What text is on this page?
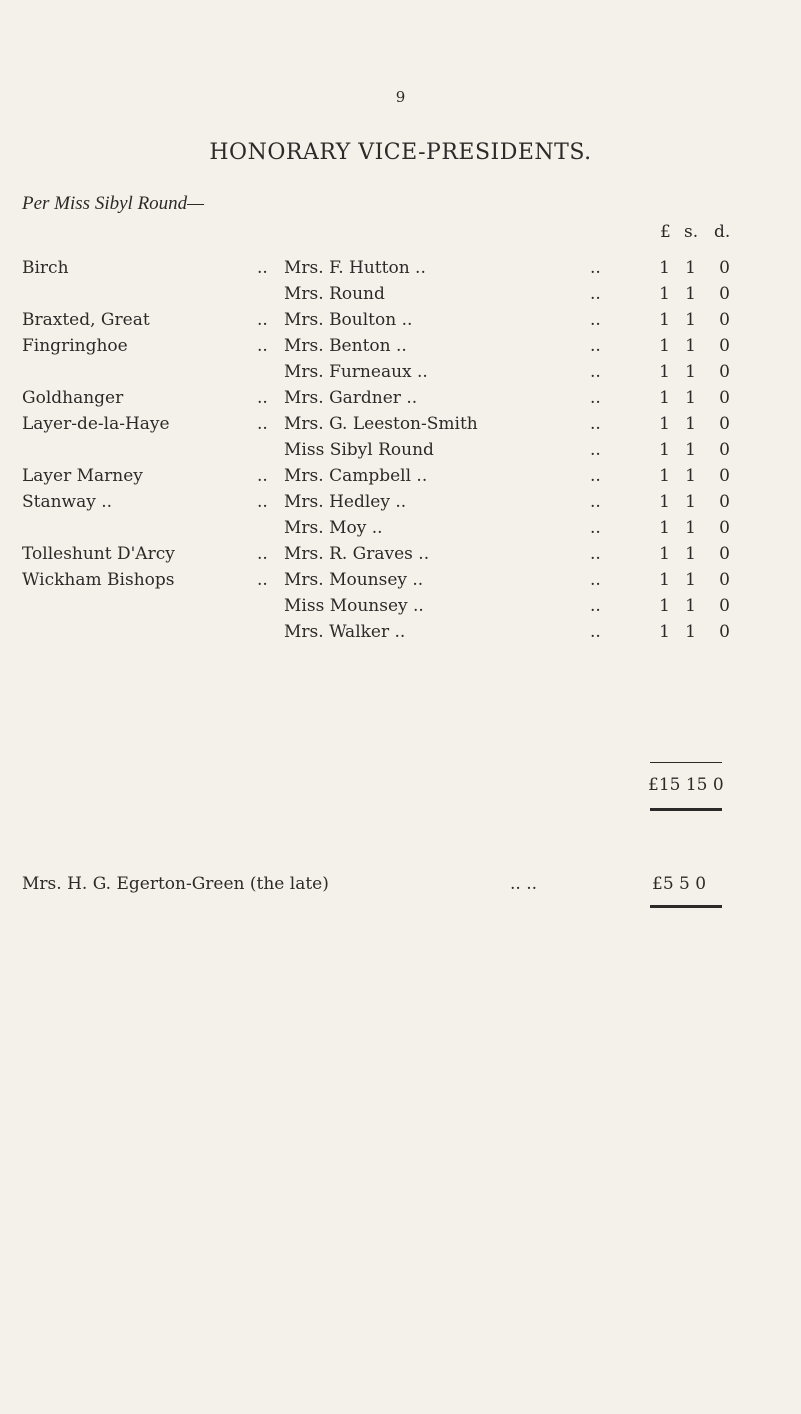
9
HONORARY VICE-PRESIDENTS.
Per Miss Sibyl Round—
£ s. d.
Birch	.. Mrs. F. Hutton ..	..	1 1	0
Mrs. Round	..	1 1	0
Braxted, Great	.. Mrs. Boulton ..	..	1 1	0
Fingringhoe	.. Mrs. Benton ..	..	1 1	0
Mrs. Furneaux ..	..	1 1	0
Goldhanger	.. Mrs. Gardner ..	..	1 1	0
Layer-de-la-Haye	.. Mrs. G. Leeston-Smith	..	1 1	0
Miss Sibyl Round	..	1 1	0
Layer Marney	.. Mrs. Campbell ..	..	1 1	0
Stanway ..	.. Mrs. Hedley ..	..	1 1	0
Mrs. Moy ..	..	1 1	0
Tolleshunt D'Arcy	.. Mrs. R. Graves ..	..	1 1	0
Wickham Bishops	.. Mrs. Mounsey ..	..	1 1	0
Miss Mounsey ..	..	1 1	0
Mrs. Walker ..	..	1 1	0
£15 15 0
Mrs. H. G. Egerton-Green (the late)	.. ..	£5 5 0
